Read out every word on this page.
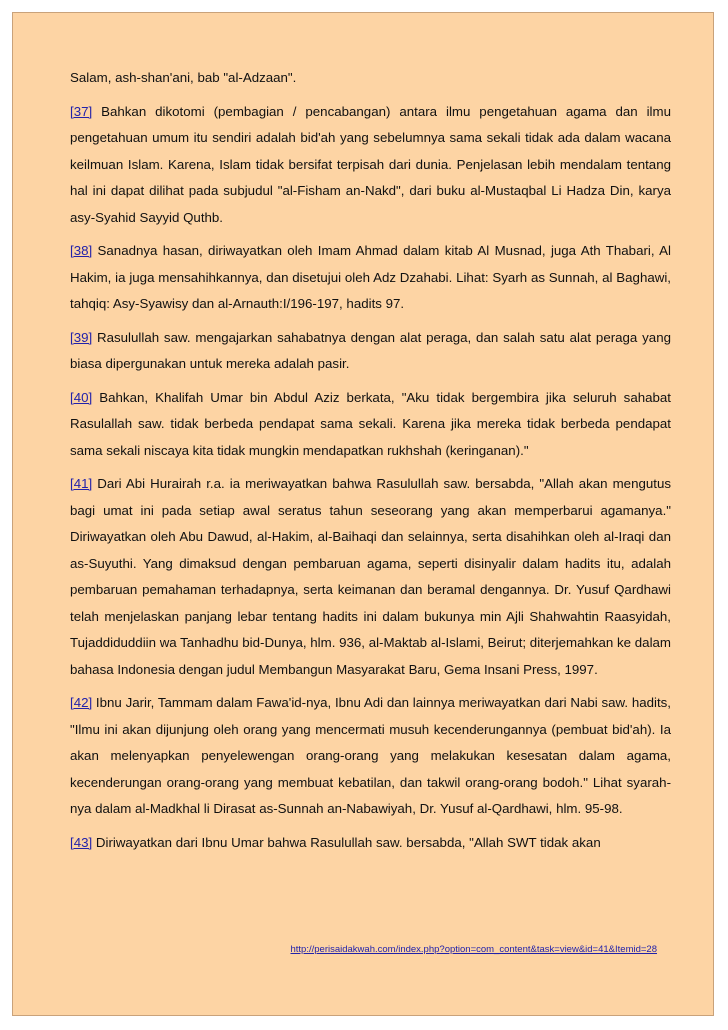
Salam, ash-shan'ani, bab "al-Adzaan".

[37] Bahkan dikotomi (pembagian / pencabangan) antara ilmu pengetahuan agama dan ilmu pengetahuan umum itu sendiri adalah bid'ah yang sebelumnya sama sekali tidak ada dalam wacana keilmuan Islam. Karena, Islam tidak bersifat terpisah dari dunia. Penjelasan lebih mendalam tentang hal ini dapat dilihat pada subjudul "al-Fisham an-Nakd", dari buku al-Mustaqbal Li Hadza Din, karya asy-Syahid Sayyid Quthb.

[38] Sanadnya hasan, diriwayatkan oleh Imam Ahmad dalam kitab Al Musnad, juga Ath Thabari, Al Hakim, ia juga mensahihkannya, dan disetujui oleh Adz Dzahabi. Lihat: Syarh as Sunnah, al Baghawi, tahqiq: Asy-Syawisy dan al-Arnauth:I/196-197, hadits 97.

[39] Rasulullah saw. mengajarkan sahabatnya dengan alat peraga, dan salah satu alat peraga yang biasa dipergunakan untuk mereka adalah pasir.

[40] Bahkan, Khalifah Umar bin Abdul Aziz berkata, "Aku tidak bergembira jika seluruh sahabat Rasulallah saw. tidak berbeda pendapat sama sekali. Karena jika mereka tidak berbeda pendapat sama sekali niscaya kita tidak mungkin mendapatkan rukhshah (keringanan)."

[41] Dari Abi Hurairah r.a. ia meriwayatkan bahwa Rasulullah saw. bersabda, "Allah akan mengutus bagi umat ini pada setiap awal seratus tahun seseorang yang akan memperbarui agamanya." Diriwayatkan oleh Abu Dawud, al-Hakim, al-Baihaqi dan selainnya, serta disahihkan oleh al-Iraqi dan as-Suyuthi. Yang dimaksud dengan pembaruan agama, seperti disinyalir dalam hadits itu, adalah pembaruan pemahaman terhadapnya, serta keimanan dan beramal dengannya. Dr. Yusuf Qardhawi telah menjelaskan panjang lebar tentang hadits ini dalam bukunya min Ajli Shahwahtin Raasyidah, Tujaddiduddiin wa Tanhadhu bid-Dunya, hlm. 936, al-Maktab al-Islami, Beirut; diterjemahkan ke dalam bahasa Indonesia dengan judul Membangun Masyarakat Baru, Gema Insani Press, 1997.

[42] Ibnu Jarir, Tammam dalam Fawa'id-nya, Ibnu Adi dan lainnya meriwayatkan dari Nabi saw. hadits, "Ilmu ini akan dijunjung oleh orang yang mencermati musuh kecenderungannya (pembuat bid'ah). Ia akan melenyapkan penyelewengan orang-orang yang melakukan kesesatan dalam agama, kecenderungan orang-orang yang membuat kebatilan, dan takwil orang-orang bodoh." Lihat syarah-nya dalam al-Madkhal li Dirasat as-Sunnah an-Nabawiyah, Dr. Yusuf al-Qardhawi, hlm. 95-98.

[43] Diriwayatkan dari Ibnu Umar bahwa Rasulullah saw. bersabda, "Allah SWT tidak akan

http://perisaidakwah.com/index.php?option=com_content&task=view&id=41&Itemid=28
